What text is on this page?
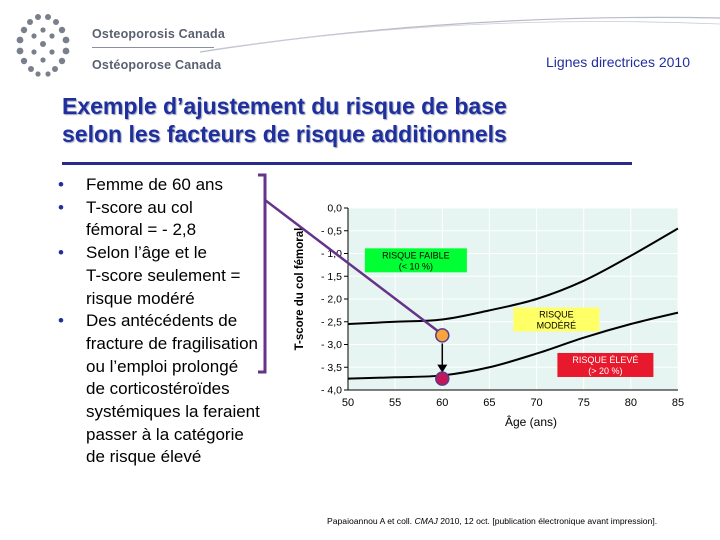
Osteoporosis Canada
Ostéoporose Canada	Lignes directrices 2010
Exemple d’ajustement du risque de base
selon les facteurs de risque additionnels
• Femme de 60 ans
• T-score au col
fémoral = - 2,8
• Selon l’âge et le
T-score seulement =
risque modéré
• Des antécédents de
fracture de fragilisation
ou l’emploi prolongé
de corticostéroïdes
systémiques la feraient
passer à la catégorie
de risque élevé
0,0
- 0,5
- 1,0
- 1,5
- 2,0
- 2,5
- 3,0
- 3,5
- 4,0
50	55	60	65	70	75	80	85
Âge (ans)
T-score du col fémoral	RISQUE FAIBLE
(< 10 %)
RISQUE
MODÉRÉ
RISQUE ÉLEVÉ
(> 20 %)
Papaioannou A et coll. CMAJ 2010, 12 oct. [publication électronique avant impression].
